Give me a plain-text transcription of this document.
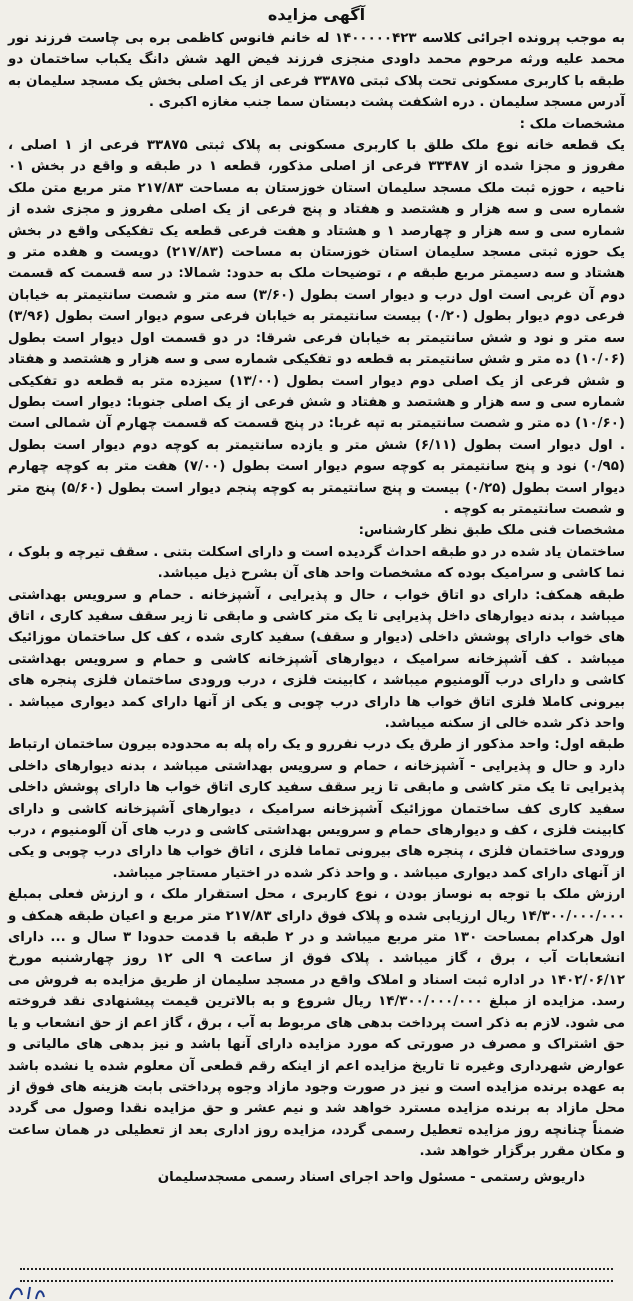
آگهی مزایده

به موجب پرونده اجرائی کلاسه ۱۴۰۰۰۰۰۴۲۳ له خانم فانوس کاظمی بره بی چاست فرزند نور محمد علیه ورثه مرحوم محمد داودی منجزی فرزند فیض الهد شش دانگ یکباب ساختمان دو طبقه با کاربری مسکونی تحت پلاک ثبتی ۳۳۸۷۵ فرعی از یک اصلی بخش یک مسجد سلیمان به آدرس مسجد سلیمان . دره اشکفت پشت دبستان سما جنب مغازه اکبری .

مشخصات ملک :

یک قطعه خانه نوع ملک طلق با کاربری مسکونی به پلاک ثبتی ۳۳۸۷۵ فرعی از ۱ اصلی ، مفروز و مجزا شده از ۳۳۴۸۷ فرعی از اصلی مذکور، قطعه ۱ در طبقه و واقع در بخش ۰۱ ناحیه ، حوزه ثبت ملک مسجد سلیمان استان خوزستان به مساحت ۲۱۷/۸۳ متر مربع متن ملک شماره سی و سه هزار و هشتصد و هفتاد و پنج فرعی از یک اصلی مفروز و مجزی شده از شماره سی و سه هزار و چهارصد ۱ و هشتاد و هفت فرعی قطعه یک تفکیکی واقع در بخش یک حوزه ثبتی مسجد سلیمان استان خوزستان به مساحت (۲۱۷/۸۳) دویست و هفده متر و هشتاد و سه دسیمتر مربع طبقه م ، توضیحات ملک به حدود: شمالا: در سه قسمت که قسمت دوم آن غربی است اول درب و دیوار است بطول (۳/۶۰) سه متر و شصت سانتیمتر به خیابان فرعی دوم دیوار بطول (۰/۲۰) بیست سانتیمتر به خیابان فرعی سوم دیوار است بطول (۳/۹۶) سه متر و نود و شش سانتیمتر به خیابان فرعی شرقا: در دو قسمت اول دیوار است بطول (۱۰/۰۶) ده متر و شش سانتیمتر به قطعه دو تفکیکی شماره سی و سه هزار و هشتصد و هفتاد و شش فرعی از یک اصلی دوم دیوار است بطول (۱۳/۰۰) سیزده متر به قطعه دو تفکیکی شماره سی و سه هزار و هشتصد و هفتاد و شش فرعی از یک اصلی جنوبا: دیوار است بطول (۱۰/۶۰) ده متر و شصت سانتیمتر به تپه غربا: در پنج قسمت که قسمت چهارم آن شمالی است . اول دیوار است بطول (۶/۱۱) شش متر و یازده سانتیمتر به کوچه دوم دیوار است بطول (۰/۹۵) نود و پنج سانتیمتر به کوچه سوم دیوار است بطول (۷/۰۰) هفت متر به کوچه چهارم دیوار است بطول (۰/۲۵) بیست و پنج سانتیمتر به کوچه پنجم دیوار است بطول (۵/۶۰) پنج متر و شصت سانتیمتر به کوچه .

مشخصات فنی ملک طبق نظر کارشناس:

ساختمان یاد شده در دو طبقه احداث گردیده است و دارای اسکلت بتنی . سقف تیرچه و بلوک ، نما کاشی و سرامیک بوده که مشخصات واحد های آن بشرح ذیل میباشد.

طبقه همکف: دارای دو اتاق خواب ، حال و پذیرایی ، آشپزخانه . حمام و سرویس بهداشتی میباشد ، بدنه دیوارهای داخل پذیرایی تا یک متر کاشی و مابقی تا زیر سقف سفید کاری ، اتاق های خواب دارای پوشش داخلی (دیوار و سقف) سفید کاری شده ، کف کل ساختمان موزائیک میباشد . کف آشپزخانه سرامیک ، دیوارهای آشپزخانه کاشی و حمام و سرویس بهداشتی کاشی و دارای درب آلومنیوم میباشد ، کابینت فلزی ، درب ورودی ساختمان فلزی پنجره های بیرونی کاملا فلزی اتاق خواب ها دارای درب چوبی و یکی از آنها دارای کمد دیواری میباشد . واحد ذکر شده خالی از سکنه میباشد.

طبقه اول: واحد مذکور از طرق یک درب نفررو و یک راه پله به محدوده بیرون ساختمان ارتباط دارد و حال و پذیرایی - آشپزخانه ، حمام و سرویس بهداشتی میباشد ، بدنه دیوارهای داخلی پذیرایی تا یک متر کاشی و مابقی تا زیر سقف سفید کاری اتاق خواب ها دارای پوشش داخلی سفید کاری کف ساختمان موزائیک آشپزخانه سرامیک ، دیوارهای آشپزخانه کاشی و دارای کابینت فلزی ، کف و دیوارهای حمام و سرویس بهداشتی کاشی و درب های آن آلومنیوم ، درب ورودی ساختمان فلزی ، پنجره های بیرونی تماما فلزی ، اتاق خواب ها دارای درب چوبی و یکی از آنهای دارای کمد دیواری میباشد . و واحد ذکر شده در اختیار مستاجر میباشد.

ارزش ملک با توجه به نوساز بودن ، نوع کاربری ، محل استقرار ملک ، و ارزش فعلی بمبلغ ۱۴/۳۰۰/۰۰۰/۰۰۰ ریال ارزیابی شده و پلاک فوق دارای ۲۱۷/۸۳ متر مربع و اعیان طبقه همکف و اول هرکدام بمساحت ۱۳۰ متر مربع میباشد و در ۲ طبقه با قدمت حدودا ۳ سال و ... دارای انشعابات آب ، برق ، گاز میباشد . پلاک فوق از ساعت ۹ الی ۱۲ روز چهارشنبه مورخ ۱۴۰۲/۰۶/۱۲ در اداره ثبت اسناد و املاک واقع در مسجد سلیمان از طریق مزایده به فروش می رسد. مزایده از مبلغ ۱۴/۳۰۰/۰۰۰/۰۰۰ ریال شروع و به بالاترین قیمت پیشنهادی نقد فروخته می شود. لازم به ذکر است پرداخت بدهی های مربوط به آب ، برق ، گاز اعم از حق انشعاب و یا حق اشتراک و مصرف در صورتی که مورد مزایده دارای آنها باشد و نیز بدهی های مالیاتی و عوارض شهرداری وغیره تا تاریخ مزایده اعم از اینکه رقم قطعی آن معلوم شده یا نشده باشد به عهده برنده مزایده است و نیز در صورت وجود مازاد وجوه پرداختی بابت هزینه های فوق از محل مازاد به برنده مزایده مسترد خواهد شد و نیم عشر و حق مزایده نقدا وصول می گردد ضمناً چنانچه روز مزایده تعطیل رسمی گردد، مزایده روز اداری بعد از تعطیلی در همان ساعت و مکان مقرر برگزار خواهد شد.

داریوش رستمی - مسئول واحد اجرای اسناد رسمی مسجدسلیمان
